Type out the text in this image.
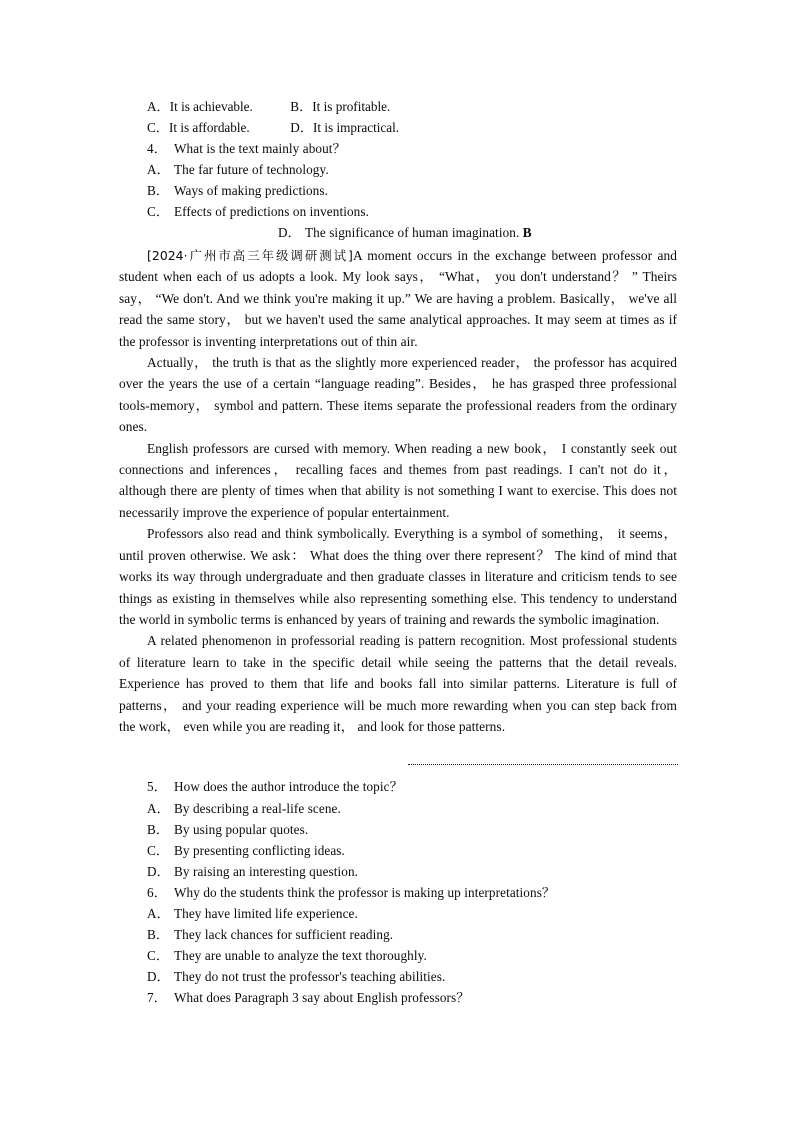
A．It is achievable.	B．It is profitable.
C．It is affordable.	D．It is impractical.
4． What is the text mainly about？
A． The far future of technology.
B． Ways of making predictions.
C． Effects of predictions on inventions.
D． The significance of human imagination. B

[2024·广州市高三年级调研测试]A moment occurs in the exchange between professor and student when each of us adopts a look. My look says， “What， you don't understand？ ” Theirs say， “We don't. And we think you're making it up.” We are having a problem. Basically， we've all read the same story， but we haven't used the same analytical approaches. It may seem at times as if the professor is inventing interpretations out of thin air.

Actually， the truth is that as the slightly more experienced reader， the professor has acquired over the years the use of a certain “language reading”. Besides， he has grasped three professional tools-memory， symbol and pattern. These items separate the professional readers from the ordinary ones.

English professors are cursed with memory. When reading a new book， I constantly seek out connections and inferences， recalling faces and themes from past readings. I can't not do it， although there are plenty of times when that ability is not something I want to exercise. This does not necessarily improve the experience of popular entertainment.

Professors also read and think symbolically. Everything is a symbol of something， it seems， until proven otherwise. We ask： What does the thing over there represent？ The kind of mind that works its way through undergraduate and then graduate classes in literature and criticism tends to see things as existing in themselves while also representing something else. This tendency to understand the world in symbolic terms is enhanced by years of training and rewards the symbolic imagination.

A related phenomenon in professorial reading is pattern recognition. Most professional students of literature learn to take in the specific detail while seeing the patterns that the detail reveals. Experience has proved to them that life and books fall into similar patterns. Literature is full of patterns， and your reading experience will be much more rewarding when you can step back from the work， even while you are reading it， and look for those patterns.

5． How does the author introduce the topic？
A． By describing a real-life scene.
B． By using popular quotes.
C． By presenting conflicting ideas.
D． By raising an interesting question.
6． Why do the students think the professor is making up interpretations？
A． They have limited life experience.
B． They lack chances for sufficient reading.
C． They are unable to analyze the text thoroughly.
D． They do not trust the professor's teaching abilities.
7． What does Paragraph 3 say about English professors？
